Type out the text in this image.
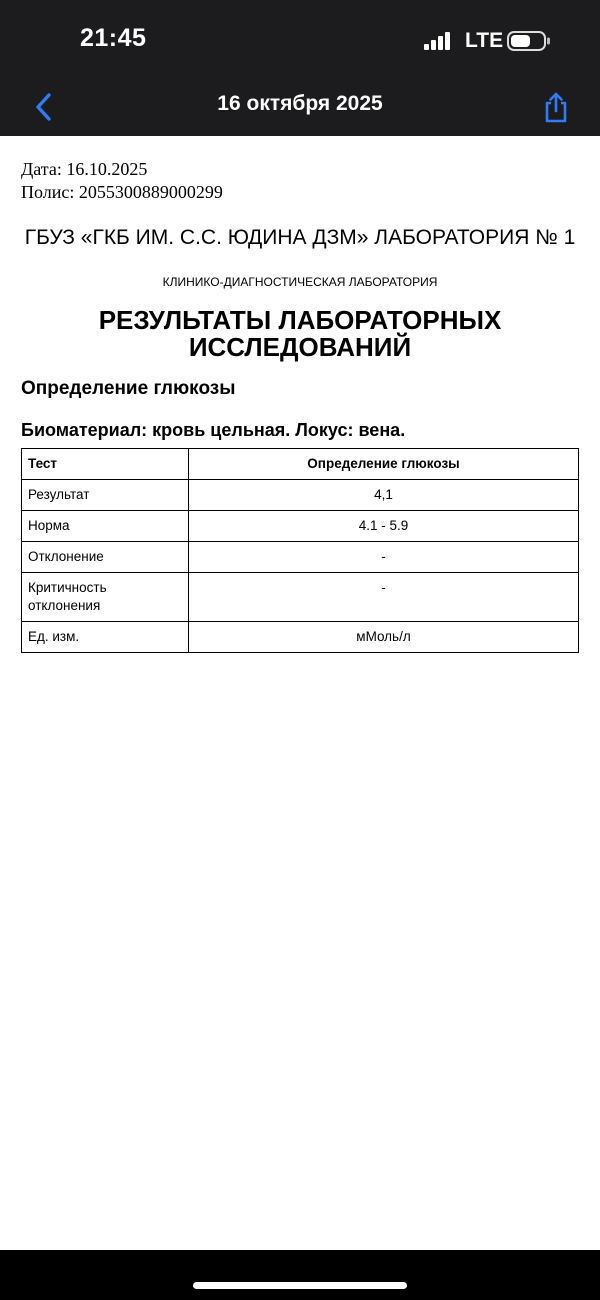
21:45	LTE
16 октября 2025
Дата: 16.10.2025
Полис: 2055300889000299
ГБУЗ «ГКБ ИМ. С.С. ЮДИНА ДЗМ» ЛАБОРАТОРИЯ № 1
КЛИНИКО-ДИАГНОСТИЧЕСКАЯ ЛАБОРАТОРИЯ
РЕЗУЛЬТАТЫ ЛАБОРАТОРНЫХ ИССЛЕДОВАНИЙ
Определение глюкозы
Биоматериал: кровь цельная. Локус: вена.
Тест	Определение глюкозы
Результат	4,1
Норма	4.1 - 5.9
Отклонение	-
Критичность отклонения	-
Ед. изм.	мМоль/л
